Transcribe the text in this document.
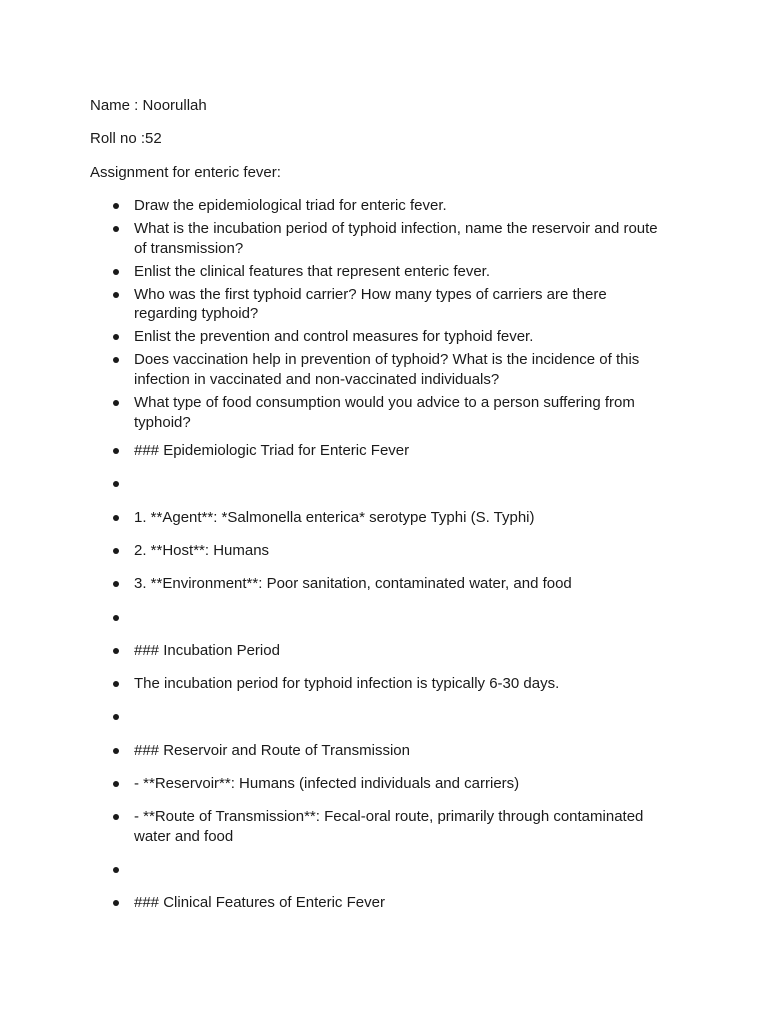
Name : Noorullah

Roll no :52

Assignment for enteric fever:

Draw the epidemiological triad for enteric fever.
What is the incubation period of typhoid infection, name the reservoir and route of transmission?
Enlist the clinical features that represent enteric fever.
Who was the first typhoid carrier? How many types of carriers are there regarding typhoid?
Enlist the prevention and control measures for typhoid fever.
Does vaccination help in prevention of typhoid? What is the incidence of this infection in vaccinated and non-vaccinated individuals?
What type of food consumption would you advice to a person suffering from typhoid?
### Epidemiologic Triad for Enteric Fever
1. **Agent**: *Salmonella enterica* serotype Typhi (S. Typhi)
2. **Host**: Humans
3. **Environment**: Poor sanitation, contaminated water, and food
### Incubation Period
The incubation period for typhoid infection is typically 6-30 days.
### Reservoir and Route of Transmission
- **Reservoir**: Humans (infected individuals and carriers)
- **Route of Transmission**: Fecal-oral route, primarily through contaminated water and food
### Clinical Features of Enteric Fever
